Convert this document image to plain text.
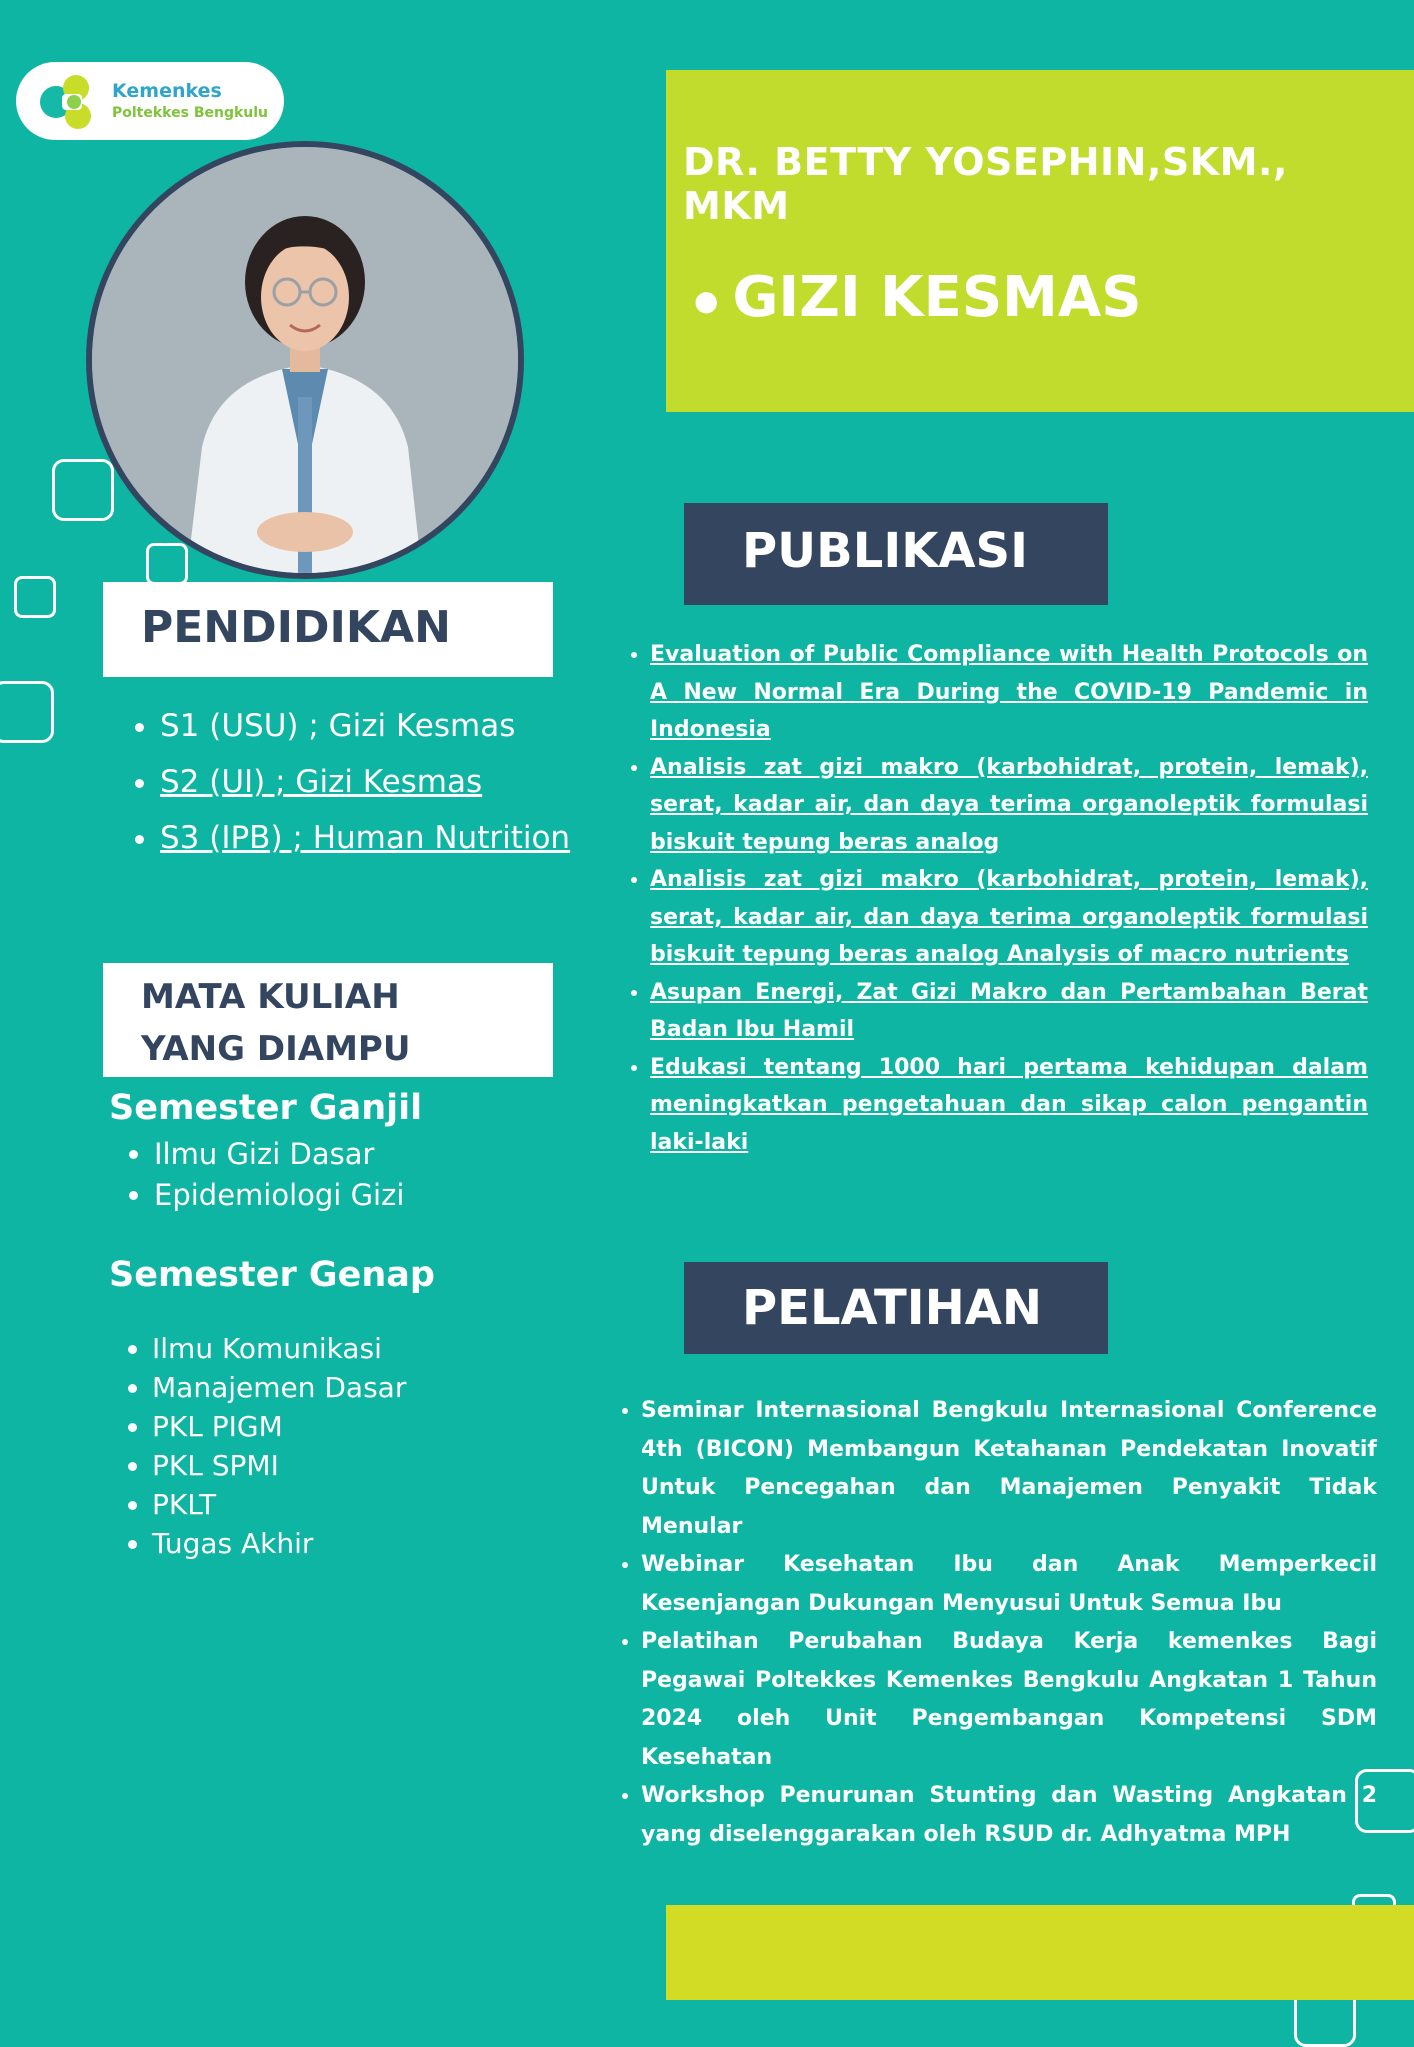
Kemenkes
Poltekkes Bengkulu
DR. BETTY YOSEPHIN,SKM., MKM
● GIZI KESMAS
PENDIDIKAN
• S1 (USU) ; Gizi Kesmas
• S2 (UI) ; Gizi Kesmas
• S3 (IPB) ; Human Nutrition
MATA KULIAH
YANG DIAMPU
Semester Ganjil
• Ilmu Gizi Dasar
• Epidemiologi Gizi
Semester Genap
• Ilmu Komunikasi
• Manajemen Dasar
• PKL PIGM
• PKL SPMI
• PKLT
• Tugas Akhir
PUBLIKASI
• Evaluation of Public Compliance with Health Protocols on A New Normal Era During the COVID-19 Pandemic in Indonesia
• Analisis zat gizi makro (karbohidrat, protein, lemak), serat, kadar air, dan daya terima organoleptik formulasi biskuit tepung beras analog
• Analisis zat gizi makro (karbohidrat, protein, lemak), serat, kadar air, dan daya terima organoleptik formulasi biskuit tepung beras analog Analysis of macro nutrients
• Asupan Energi, Zat Gizi Makro dan Pertambahan Berat Badan Ibu Hamil
• Edukasi tentang 1000 hari pertama kehidupan dalam meningkatkan pengetahuan dan sikap calon pengantin laki-laki
PELATIHAN
• Seminar Internasional Bengkulu Internasional Conference 4th (BICON) Membangun Ketahanan Pendekatan Inovatif Untuk Pencegahan dan Manajemen Penyakit Tidak Menular
• Webinar Kesehatan Ibu dan Anak Memperkecil Kesenjangan Dukungan Menyusui Untuk Semua Ibu
• Pelatihan Perubahan Budaya Kerja kemenkes Bagi Pegawai Poltekkes Kemenkes Bengkulu Angkatan 1 Tahun 2024 oleh Unit Pengembangan Kompetensi SDM Kesehatan
• Workshop Penurunan Stunting dan Wasting Angkatan 2 yang diselenggarakan oleh RSUD dr. Adhyatma MPH
